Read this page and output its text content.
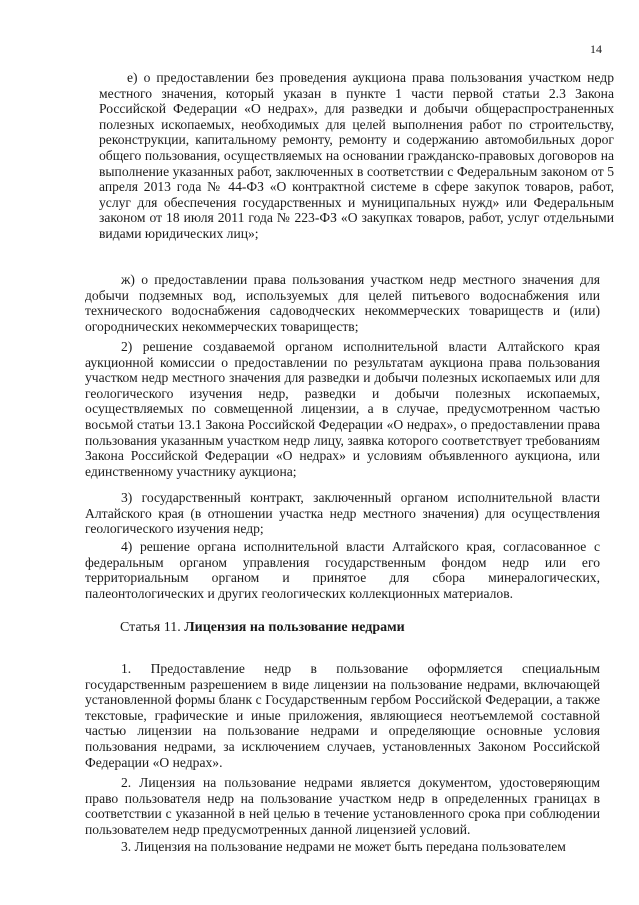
14

е) о предоставлении без проведения аукциона права пользования участком недр местного значения, который указан в пункте 1 части первой статьи 2.3 Закона Российской Федерации «О недрах», для разведки и добычи общераспространенных полезных ископаемых, необходимых для целей выполнения работ по строительству, реконструкции, капитальному ремонту, ремонту и содержанию автомобильных дорог общего пользования, осуществляемых на основании гражданско-правовых договоров на выполнение указанных работ, заключенных в соответствии с Федеральным законом от 5 апреля 2013 года № 44-ФЗ «О контрактной системе в сфере закупок товаров, работ, услуг для обеспечения государственных и муниципальных нужд» или Федеральным законом от 18 июля 2011 года № 223-ФЗ «О закупках товаров, работ, услуг отдельными видами юридических лиц»;

ж) о предоставлении права пользования участком недр местного значения для добычи подземных вод, используемых для целей питьевого водоснабжения или технического водоснабжения садоводческих некоммерческих товариществ и (или) огороднических некоммерческих товариществ;

2) решение создаваемой органом исполнительной власти Алтайского края аукционной комиссии о предоставлении по результатам аукциона права пользования участком недр местного значения для разведки и добычи полезных ископаемых или для геологического изучения недр, разведки и добычи полезных ископаемых, осуществляемых по совмещенной лицензии, а в случае, предусмотренном частью восьмой статьи 13.1 Закона Российской Федерации «О недрах», о предоставлении права пользования указанным участком недр лицу, заявка которого соответствует требованиям Закона Российской Федерации «О недрах» и условиям объявленного аукциона, или единственному участнику аукциона;

3) государственный контракт, заключенный органом исполнительной власти Алтайского края (в отношении участка недр местного значения) для осуществления геологического изучения недр;

4) решение органа исполнительной власти Алтайского края, согласованное с федеральным органом управления государственным фондом недр или его территориальным органом и принятое для сбора минералогических, палеонтологических и других геологических коллекционных материалов.

Статья 11. Лицензия на пользование недрами

1. Предоставление недр в пользование оформляется специальным государственным разрешением в виде лицензии на пользование недрами, включающей установленной формы бланк с Государственным гербом Российской Федерации, а также текстовые, графические и иные приложения, являющиеся неотъемлемой составной частью лицензии на пользование недрами и определяющие основные условия пользования недрами, за исключением случаев, установленных Законом Российской Федерации «О недрах».

2. Лицензия на пользование недрами является документом, удостоверяющим право пользователя недр на пользование участком недр в определенных границах в соответствии с указанной в ней целью в течение установленного срока при соблюдении пользователем недр предусмотренных данной лицензией условий.

3. Лицензия на пользование недрами не может быть передана пользователем
